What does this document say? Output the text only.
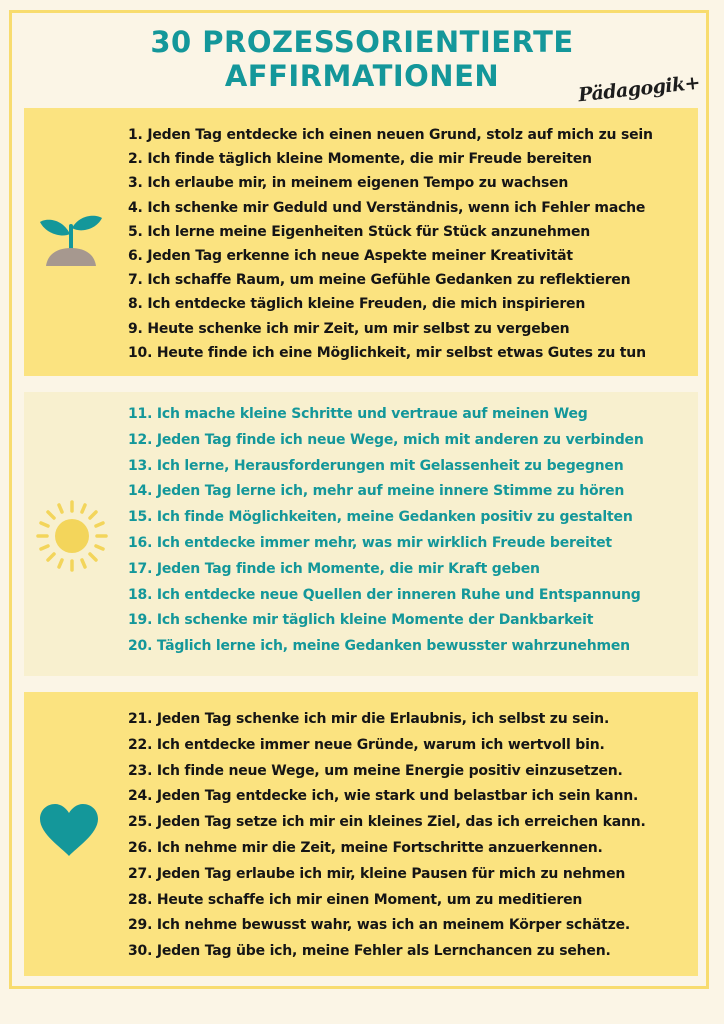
30 PROZESSORIENTIERTE
AFFIRMATIONEN	Pädagogik+
1. Jeden Tag entdecke ich einen neuen Grund, stolz auf mich zu sein
2. Ich finde täglich kleine Momente, die mir Freude bereiten
3. Ich erlaube mir, in meinem eigenen Tempo zu wachsen
4. Ich schenke mir Geduld und Verständnis, wenn ich Fehler mache
5. Ich lerne meine Eigenheiten Stück für Stück anzunehmen
6. Jeden Tag erkenne ich neue Aspekte meiner Kreativität
7. Ich schaffe Raum, um meine Gefühle Gedanken zu reflektieren
8. Ich entdecke täglich kleine Freuden, die mich inspirieren
9. Heute schenke ich mir Zeit, um mir selbst zu vergeben
10. Heute finde ich eine Möglichkeit, mir selbst etwas Gutes zu tun
11. Ich mache kleine Schritte und vertraue auf meinen Weg
12. Jeden Tag finde ich neue Wege, mich mit anderen zu verbinden
13. Ich lerne, Herausforderungen mit Gelassenheit zu begegnen
14. Jeden Tag lerne ich, mehr auf meine innere Stimme zu hören
15. Ich finde Möglichkeiten, meine Gedanken positiv zu gestalten
16. Ich entdecke immer mehr, was mir wirklich Freude bereitet
17. Jeden Tag finde ich Momente, die mir Kraft geben
18. Ich entdecke neue Quellen der inneren Ruhe und Entspannung
19. Ich schenke mir täglich kleine Momente der Dankbarkeit
20. Täglich lerne ich, meine Gedanken bewusster wahrzunehmen
21. Jeden Tag schenke ich mir die Erlaubnis, ich selbst zu sein.
22. Ich entdecke immer neue Gründe, warum ich wertvoll bin.
23. Ich finde neue Wege, um meine Energie positiv einzusetzen.
24. Jeden Tag entdecke ich, wie stark und belastbar ich sein kann.
25. Jeden Tag setze ich mir ein kleines Ziel, das ich erreichen kann.
26. Ich nehme mir die Zeit, meine Fortschritte anzuerkennen.
27. Jeden Tag erlaube ich mir, kleine Pausen für mich zu nehmen
28. Heute schaffe ich mir einen Moment, um zu meditieren
29. Ich nehme bewusst wahr, was ich an meinem Körper schätze.
30. Jeden Tag übe ich, meine Fehler als Lernchancen zu sehen.
